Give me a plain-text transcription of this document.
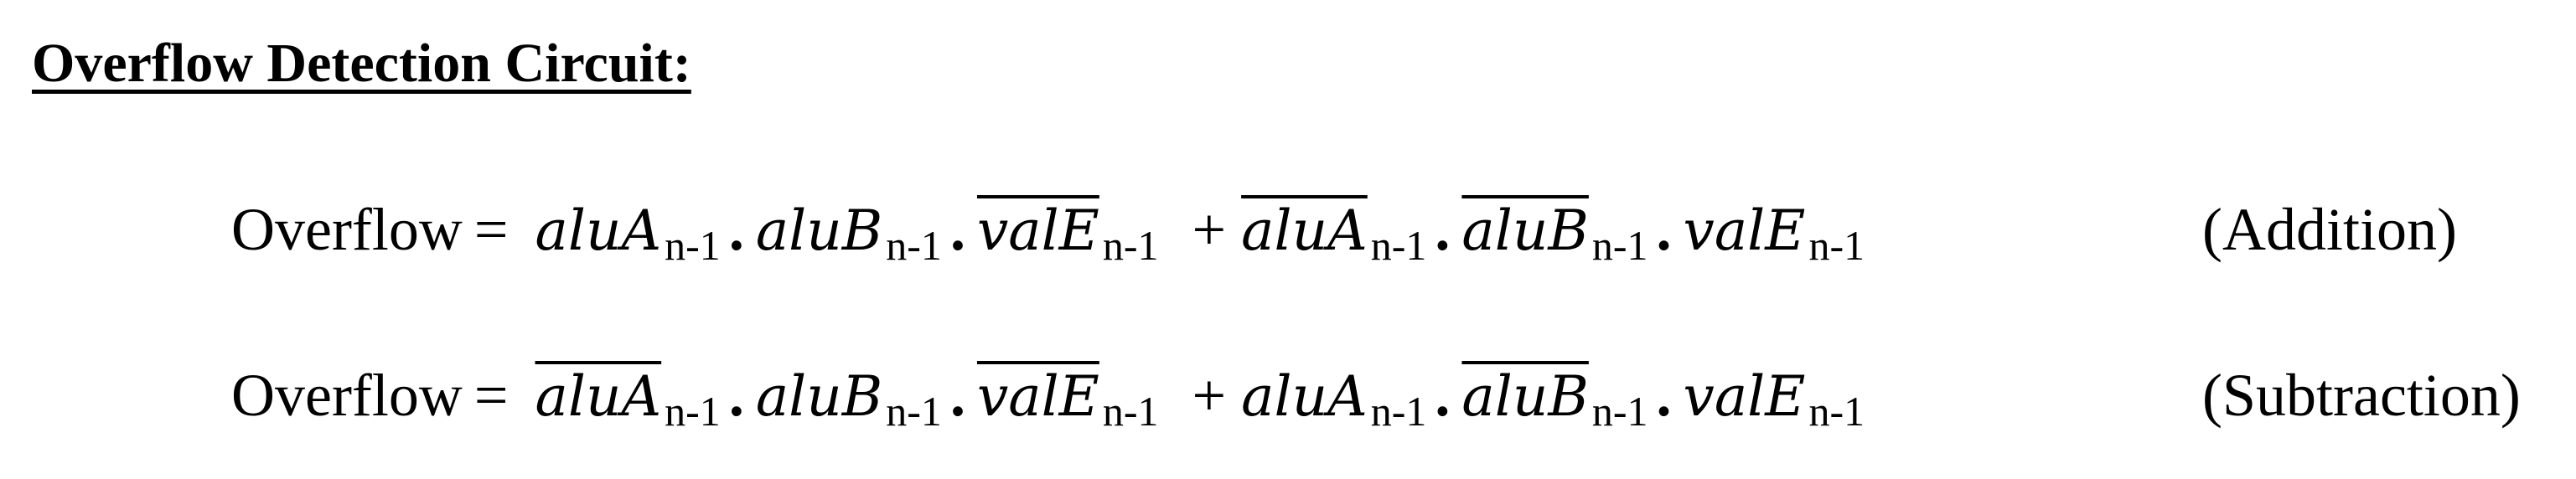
Overflow Detection Circuit:
Overflow = aluAn-1 . aluBn-1 . valEn-1 + aluAn-1 . aluBn-1 . valEn-1	(Addition)
Overflow = aluAn-1 . aluBn-1 . valEn-1 + aluAn-1 . aluBn-1 . valEn-1	(Subtraction)
